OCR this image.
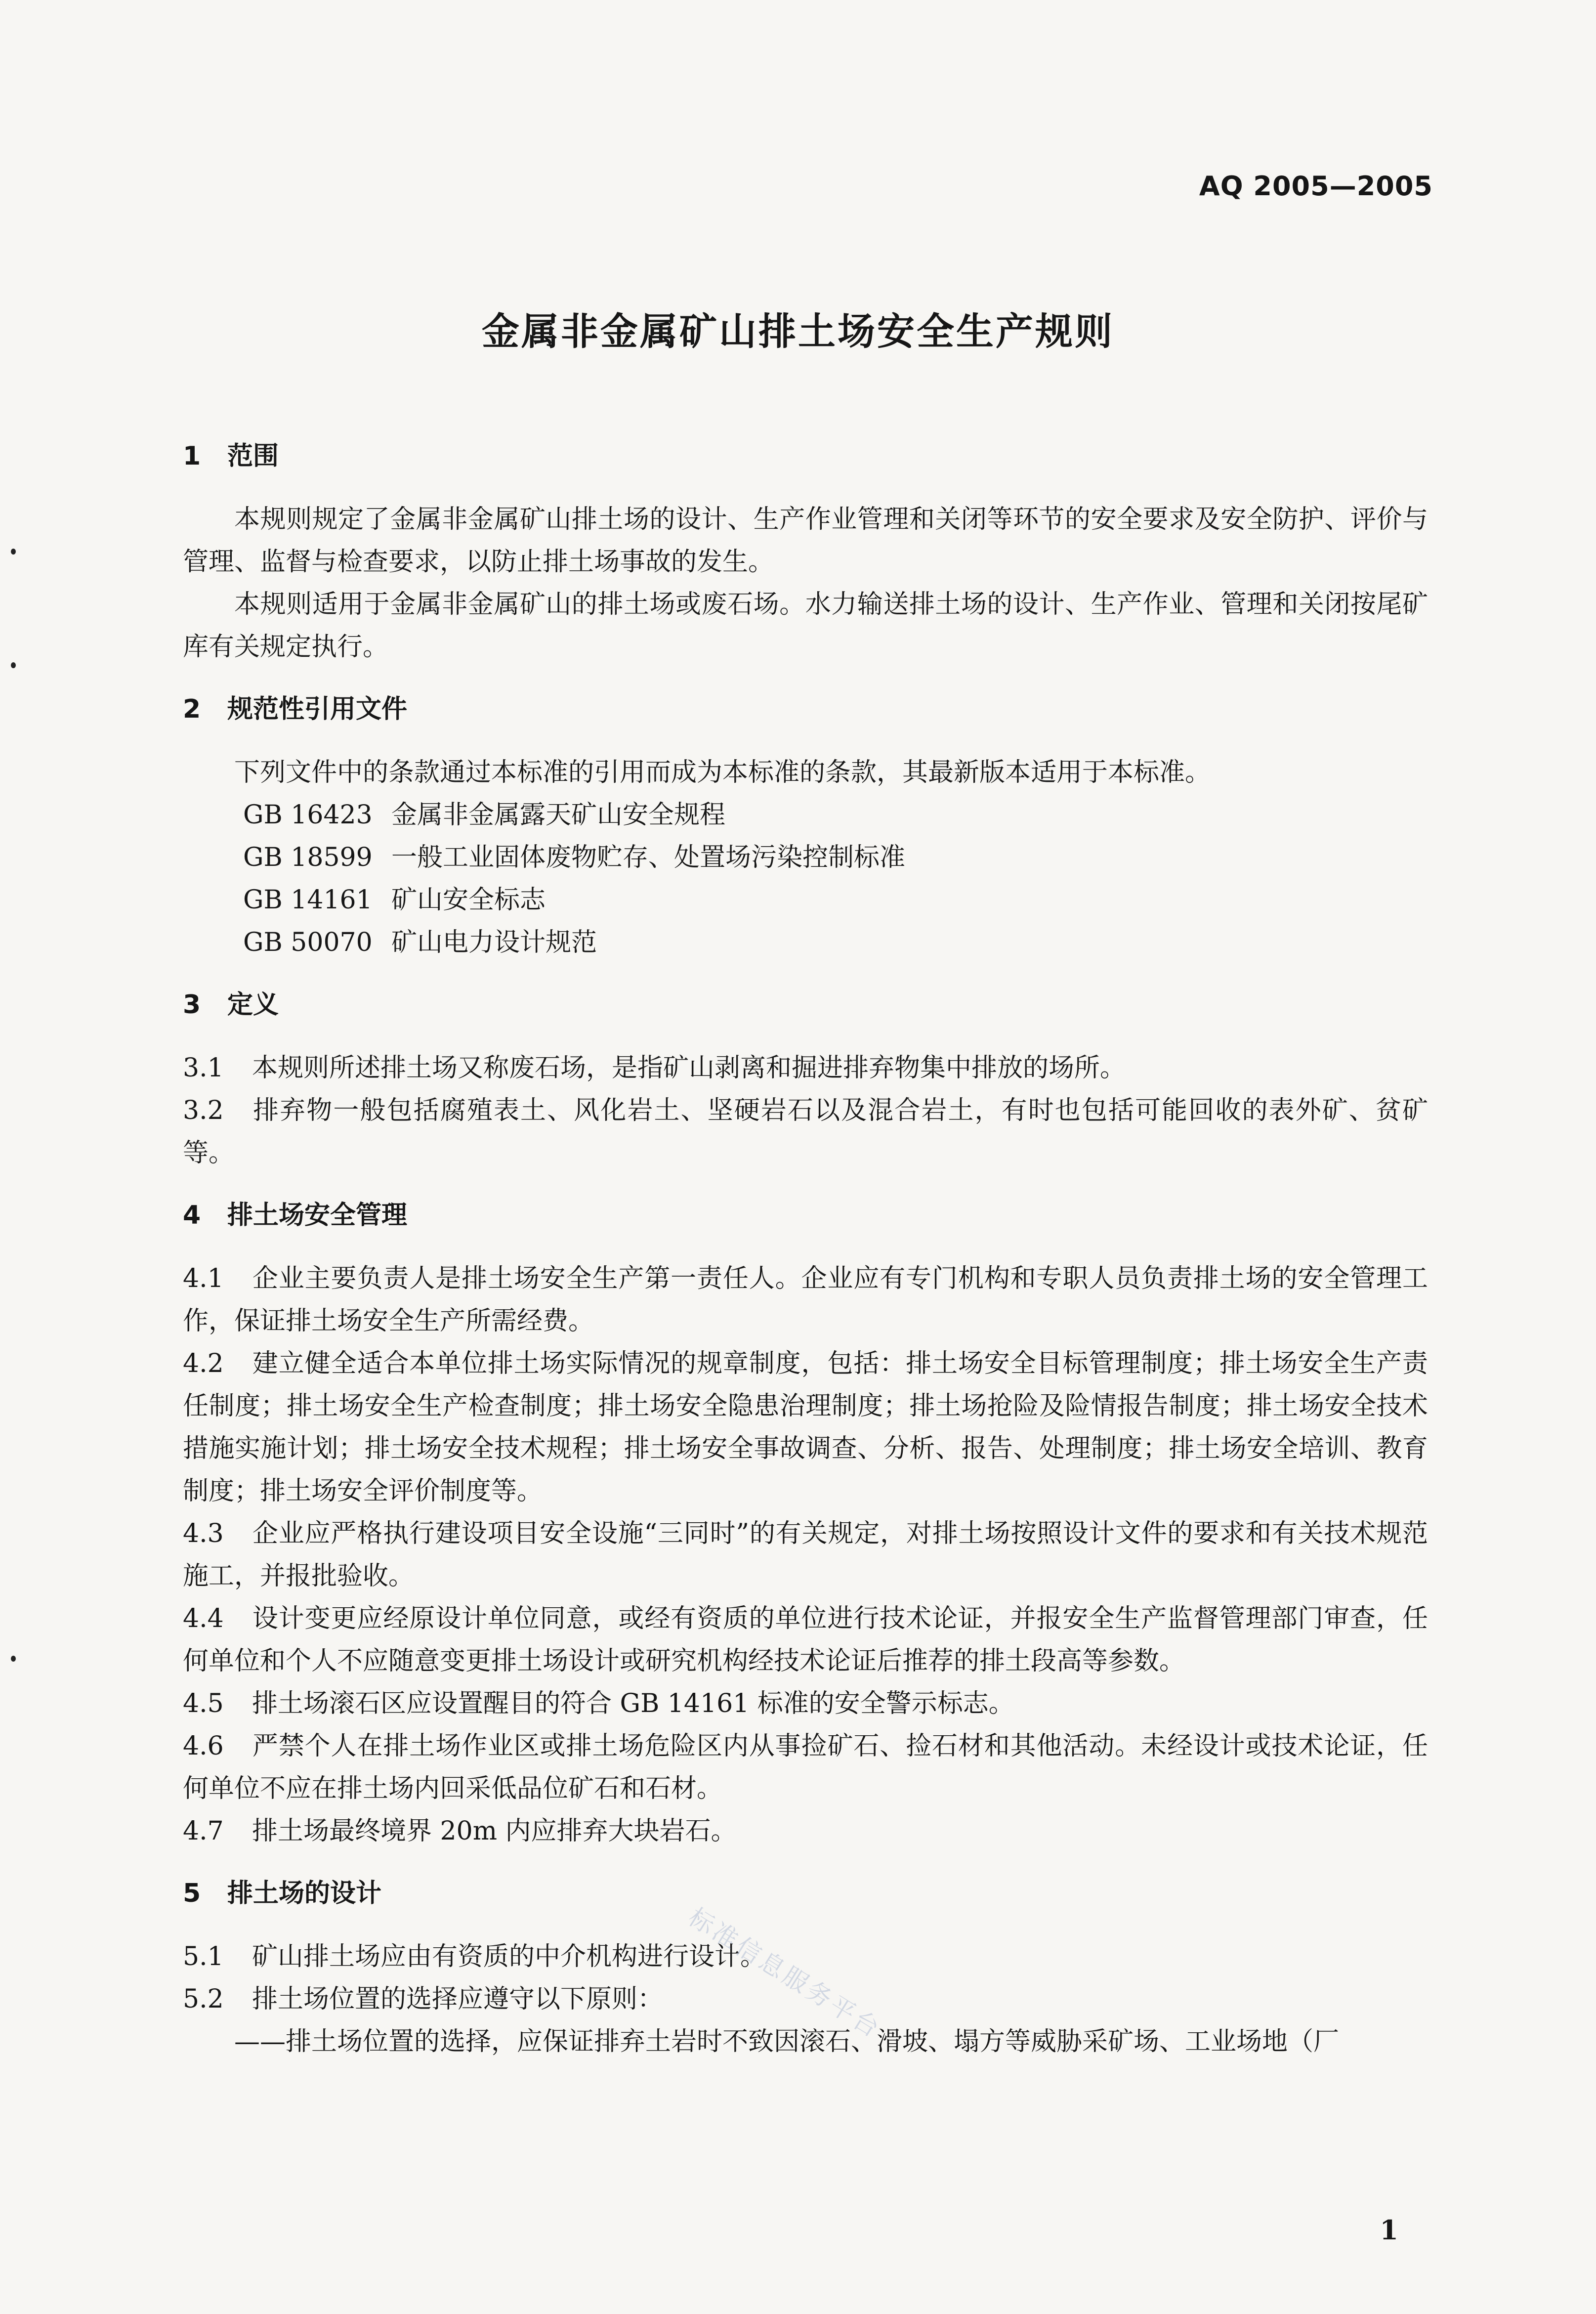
AQ 2005—2005
金属非金属矿山排土场安全生产规则
1 范围

本规则规定了金属非金属矿山排土场的设计、生产作业管理和关闭等环节的安全要求及安全防护、评价与管理、监督与检查要求，以防止排土场事故的发生。

本规则适用于金属非金属矿山的排土场或废石场。水力输送排土场的设计、生产作业、管理和关闭按尾矿库有关规定执行。

2 规范性引用文件

下列文件中的条款通过本标准的引用而成为本标准的条款，其最新版本适用于本标准。

GB 16423 金属非金属露天矿山安全规程
GB 18599 一般工业固体废物贮存、处置场污染控制标准
GB 14161 矿山安全标志
GB 50070 矿山电力设计规范
3 定义

3.1 本规则所述排土场又称废石场，是指矿山剥离和掘进排弃物集中排放的场所。

3.2 排弃物一般包括腐殖表土、风化岩土、坚硬岩石以及混合岩土，有时也包括可能回收的表外矿、贫矿等。

4 排土场安全管理

4.1 企业主要负责人是排土场安全生产第一责任人。企业应有专门机构和专职人员负责排土场的安全管理工作，保证排土场安全生产所需经费。

4.2 建立健全适合本单位排土场实际情况的规章制度，包括：排土场安全目标管理制度；排土场安全生产责任制度；排土场安全生产检查制度；排土场安全隐患治理制度；排土场抢险及险情报告制度；排土场安全技术措施实施计划；排土场安全技术规程；排土场安全事故调查、分析、报告、处理制度；排土场安全培训、教育制度；排土场安全评价制度等。

4.3 企业应严格执行建设项目安全设施“三同时”的有关规定，对排土场按照设计文件的要求和有关技术规范施工，并报批验收。

4.4 设计变更应经原设计单位同意，或经有资质的单位进行技术论证，并报安全生产监督管理部门审查，任何单位和个人不应随意变更排土场设计或研究机构经技术论证后推荐的排土段高等参数。

4.5 排土场滚石区应设置醒目的符合 GB 14161 标准的安全警示标志。

4.6 严禁个人在排土场作业区或排土场危险区内从事捡矿石、捡石材和其他活动。未经设计或技术论证，任何单位不应在排土场内回采低品位矿石和石材。

4.7 排土场最终境界 20m 内应排弃大块岩石。

5 排土场的设计

5.1 矿山排土场应由有资质的中介机构进行设计。

5.2 排土场位置的选择应遵守以下原则：

——排土场位置的选择，应保证排弃土岩时不致因滚石、滑坡、塌方等威胁采矿场、工业场地（厂

标准信息服务平台
1
